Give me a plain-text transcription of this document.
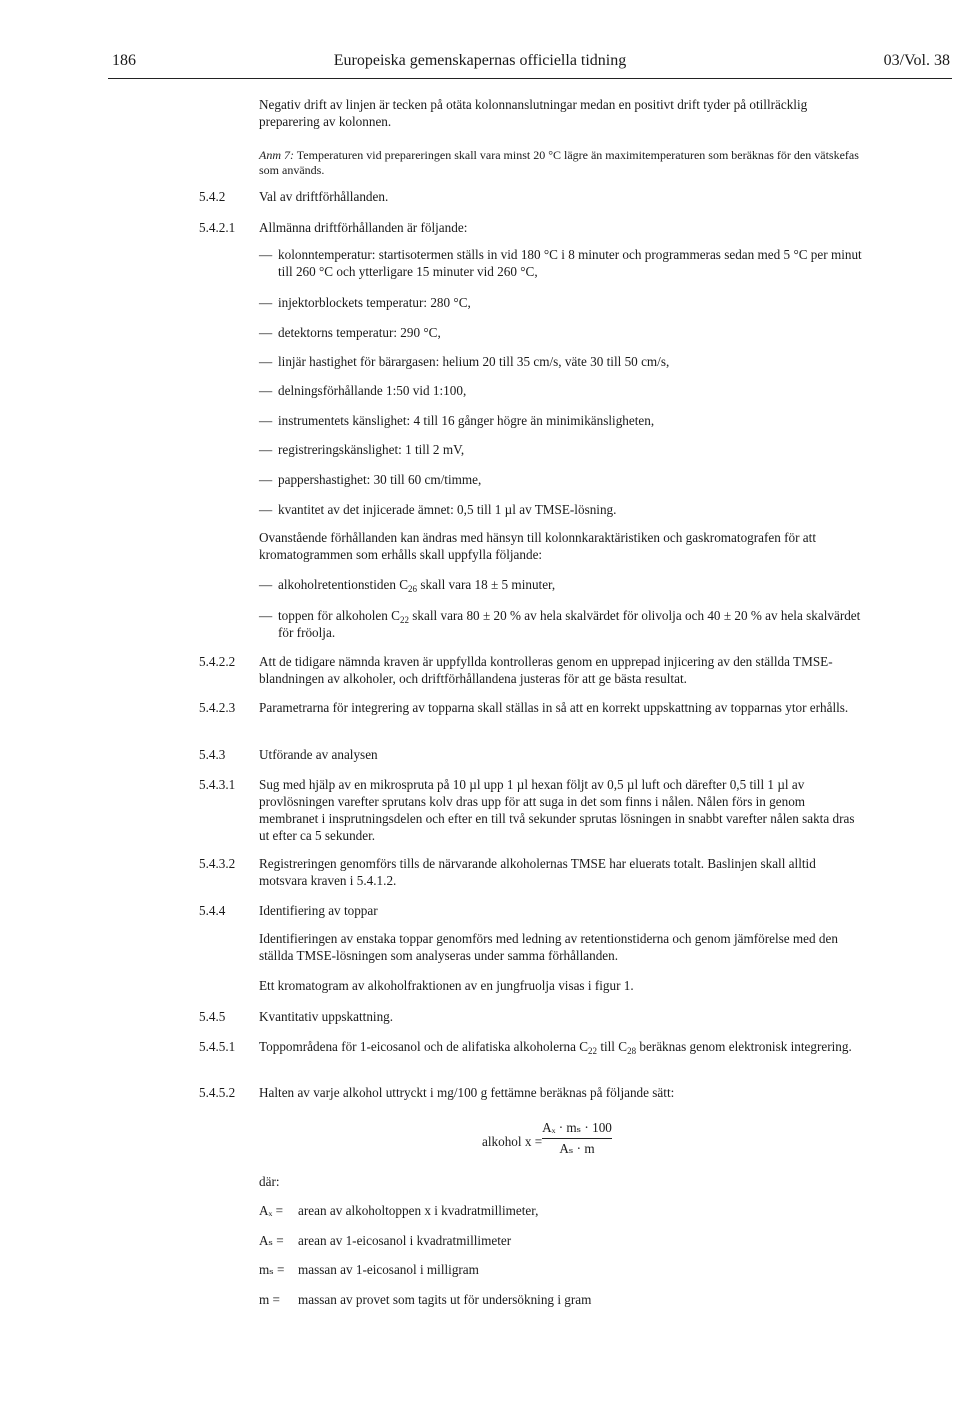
186	Europeiska gemenskapernas officiella tidning	03/Vol. 38
Negativ drift av linjen är tecken på otäta kolonnanslutningar medan en positivt drift tyder på otillräcklig preparering av kolonnen.
Anm 7: Temperaturen vid prepareringen skall vara minst 20 °C lägre än maximitemperaturen som beräknas för den vätskefas som används.
5.4.2	Val av driftförhållanden.
5.4.2.1 Allmänna driftförhållanden är följande:
— kolonntemperatur: startisotermen ställs in vid 180 °C i 8 minuter och programmeras sedan med 5 °C per minut till 260 °C och ytterligare 15 minuter vid 260 °C,
— injektorblockets temperatur: 280 °C,
— detektorns temperatur: 290 °C,
— linjär hastighet för bärargasen: helium 20 till 35 cm/s, väte 30 till 50 cm/s,
— delningsförhållande 1:50 vid 1:100,
— instrumentets känslighet: 4 till 16 gånger högre än minimikänsligheten,
— registreringskänslighet: 1 till 2 mV,
— pappershastighet: 30 till 60 cm/timme,
— kvantitet av det injicerade ämnet: 0,5 till 1 µl av TMSE-lösning.
Ovanstående förhållanden kan ändras med hänsyn till kolonnkaraktäristiken och gaskromatografen för att kromatogrammen som erhålls skall uppfylla följande:
— alkoholretentionstiden $C_{26}$ skall vara 18 ± 5 minuter,
— toppen för alkoholen $C_{22}$ skall vara 80 ± 20 % av hela skalvärdet för olivolja och 40 ± 20 % av hela skalvärdet för fröolja.
5.4.2.2 Att de tidigare nämnda kraven är uppfyllda kontrolleras genom en upprepad injicering av den ställda TMSE-blandningen av alkoholer, och driftförhållandena justeras för att ge bästa resultat.
5.4.2.3 Parametrarna för integrering av topparna skall ställas in så att en korrekt uppskattning av topparnas ytor erhålls.
5.4.3	Utförande av analysen
5.4.3.1 Sug med hjälp av en mikrospruta på 10 µl upp 1 µl hexan följt av 0,5 µl luft och därefter 0,5 till 1 µl av provlösningen varefter sprutans kolv dras upp för att suga in det som finns i nålen. Nålen förs in genom membranet i insprutningsdelen och efter en till två sekunder sprutas lösningen in snabbt varefter nålen sakta dras ut efter ca 5 sekunder.
5.4.3.2 Registreringen genomförs tills de närvarande alkoholernas TMSE har eluerats totalt. Baslinjen skall alltid motsvara kraven i 5.4.1.2.
5.4.4	Identifiering av toppar
Identifieringen av enstaka toppar genomförs med ledning av retentionstiderna och genom jämförelse med den ställda TMSE-lösningen som analyseras under samma förhållanden.
Ett kromatogram av alkoholfraktionen av en jungfruolja visas i figur 1.
5.4.5	Kvantitativ uppskattning.
5.4.5.1 Toppområdena för 1-eicosanol och de alifatiska alkoholerna $C_{22}$ till $C_{28}$ beräknas genom elektronisk integrering.
5.4.5.2 Halten av varje alkohol uttryckt i mg/100 g fettämne beräknas på följande sätt:
alkohol $x = \frac{\text{Aₓ · mₛ · 100}}{\text{Aₛ · m}}$
där:
Aₓ = arean av alkoholtoppen x i kvadratmillimeter,
Aₛ = arean av 1-eicosanol i kvadratmillimeter
mₛ = massan av 1-eicosanol i milligram
m = massan av provet som tagits ut för undersökning i gram
